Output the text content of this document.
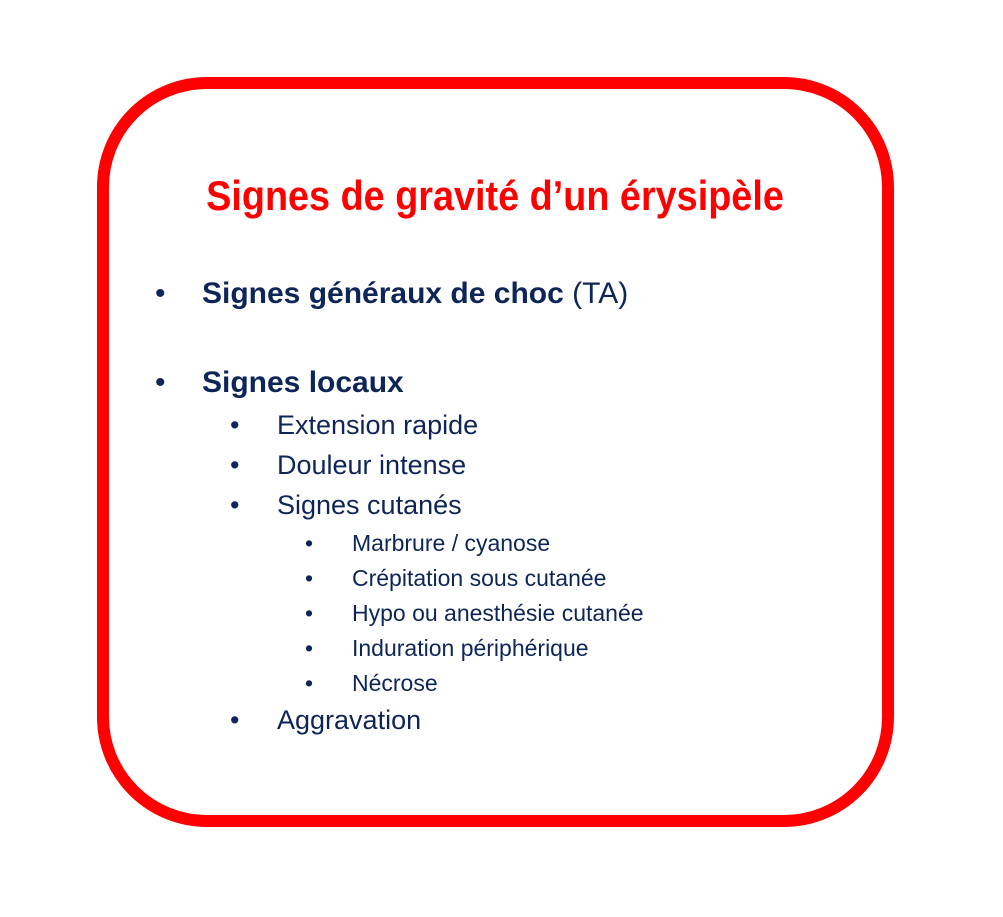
Signes de gravité d’un érysipèle
• Signes généraux de choc (TA)
• Signes locaux
• Extension rapide
• Douleur intense
• Signes cutanés
• Marbrure / cyanose
• Crépitation sous cutanée
• Hypo ou anesthésie cutanée
• Induration périphérique
• Nécrose
• Aggravation
